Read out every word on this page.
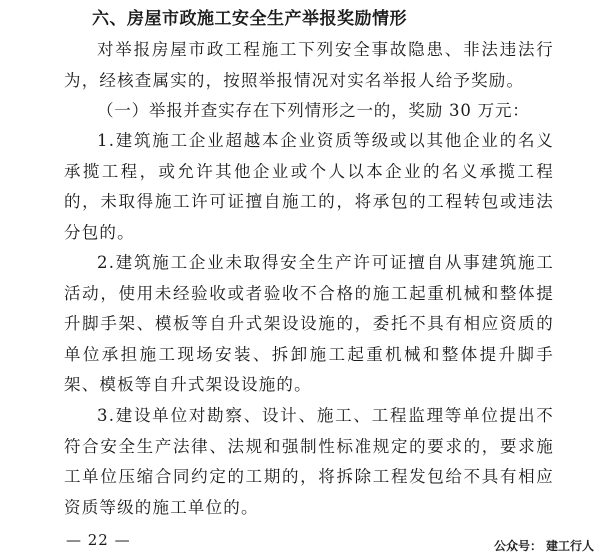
六、房屋市政施工安全生产举报奖励情形
对举报房屋市政工程施工下列安全事故隐患、非法违法行为，经核查属实的，按照举报情况对实名举报人给予奖励。
（一）举报并查实存在下列情形之一的，奖励 30 万元：
1.建筑施工企业超越本企业资质等级或以其他企业的名义承揽工程，或允许其他企业或个人以本企业的名义承揽工程的，未取得施工许可证擅自施工的，将承包的工程转包或违法分包的。
2.建筑施工企业未取得安全生产许可证擅自从事建筑施工活动，使用未经验收或者验收不合格的施工起重机械和整体提升脚手架、模板等自升式架设设施的，委托不具有相应资质的单位承担施工现场安装、拆卸施工起重机械和整体提升脚手架、模板等自升式架设设施的。
3.建设单位对勘察、设计、施工、工程监理等单位提出不符合安全生产法律、法规和强制性标准规定的要求的，要求施工单位压缩合同约定的工期的，将拆除工程发包给不具有相应资质等级的施工单位的。
— 22 —	公众号： 建工行人
